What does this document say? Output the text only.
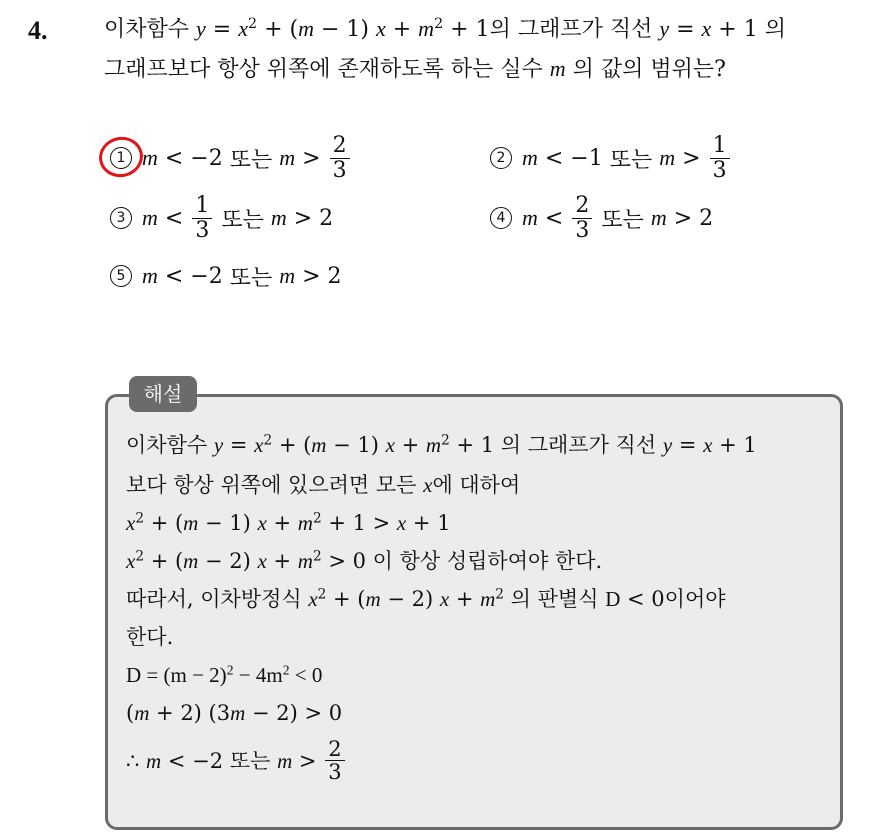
4.	이차함수 $y = x^2 + (m - 1) x + m^2 + 1$의 그래프가 직선 y = x + 1 의
그래프보다 항상 위쪽에 존재하도록 하는 실수 m 의 값의 범위는?
1 m < −2 또는
$m > \frac{2}{3}$	2 m < −1 또는
$m > \frac{1}{3}$
3 $m < \frac{1}{3}$
또는
m > 2	4 $m < \frac{2}{3}$
또는
m > 2
5 m < −2 또는
m > 2
해설
이차함수 $y = x^2 + (m - 1) x + m^2 + 1$ 의 그래프가 직선 y = x + 1
보다 항상 위쪽에 있으려면 모든 x에 대하여
$x^2 + (m - 1) x + m^2 + 1 > x + 1$
$x^2 + (m - 2) x + m^2 > 0$ 이 항상 성립하여야 한다.
따라서, 이차방정식 $x^2 + (m - 2) x + m^2$ 의 판별식 D < 0이어야
한다.
$D = (m - 2)^2 - 4m^2 < 0$
(m + 2) (3m − 2) > 0
∴ m < −2 또는
$m > \frac{2}{3}$
